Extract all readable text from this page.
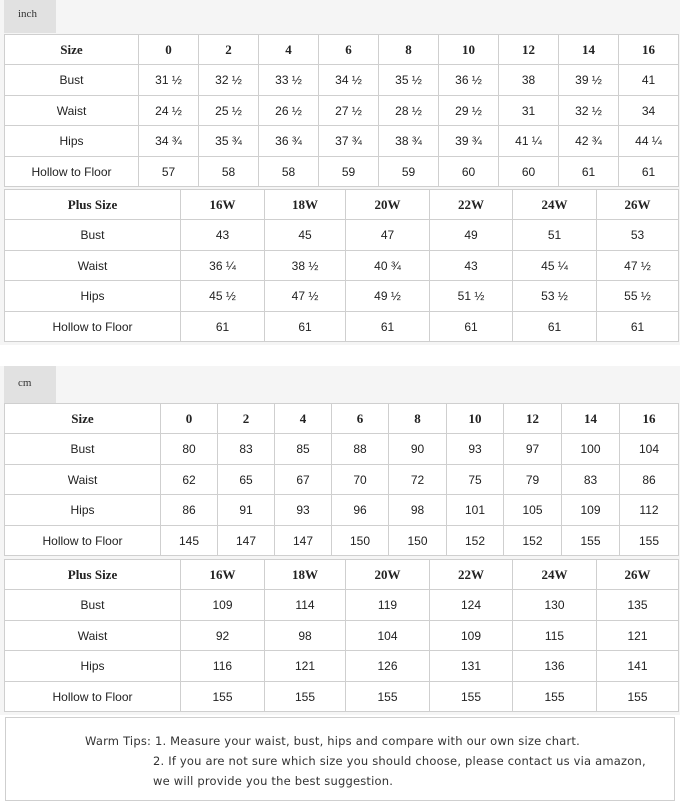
inch
Size	0	2	4	6	8	10	12	14	16
Bust	31 ½	32 ½	33 ½	34 ½	35 ½	36 ½	38	39 ½	41
Waist	24 ½	25 ½	26 ½	27 ½	28 ½	29 ½	31	32 ½	34
Hips	34 ¾	35 ¾	36 ¾	37 ¾	38 ¾	39 ¾	41 ¼	42 ¾	44 ¼
Hollow to Floor	57	58	58	59	59	60	60	61	61
Plus Size	16W	18W	20W	22W	24W	26W
Bust	43	45	47	49	51	53
Waist	36 ¼	38 ½	40 ¾	43	45 ¼	47 ½
Hips	45 ½	47 ½	49 ½	51 ½	53 ½	55 ½
Hollow to Floor	61	61	61	61	61	61
cm
Size	0	2	4	6	8	10	12	14	16
Bust	80	83	85	88	90	93	97	100	104
Waist	62	65	67	70	72	75	79	83	86
Hips	86	91	93	96	98	101	105	109	112
Hollow to Floor	145	147	147	150	150	152	152	155	155
Plus Size	16W	18W	20W	22W	24W	26W
Bust	109	114	119	124	130	135
Waist	92	98	104	109	115	121
Hips	116	121	126	131	136	141
Hollow to Floor	155	155	155	155	155	155
Warm Tips: 1. Measure your waist, bust, hips and compare with our own size chart.
2. If you are not sure which size you should choose, please contact us via amazon,
we will provide you the best suggestion.
